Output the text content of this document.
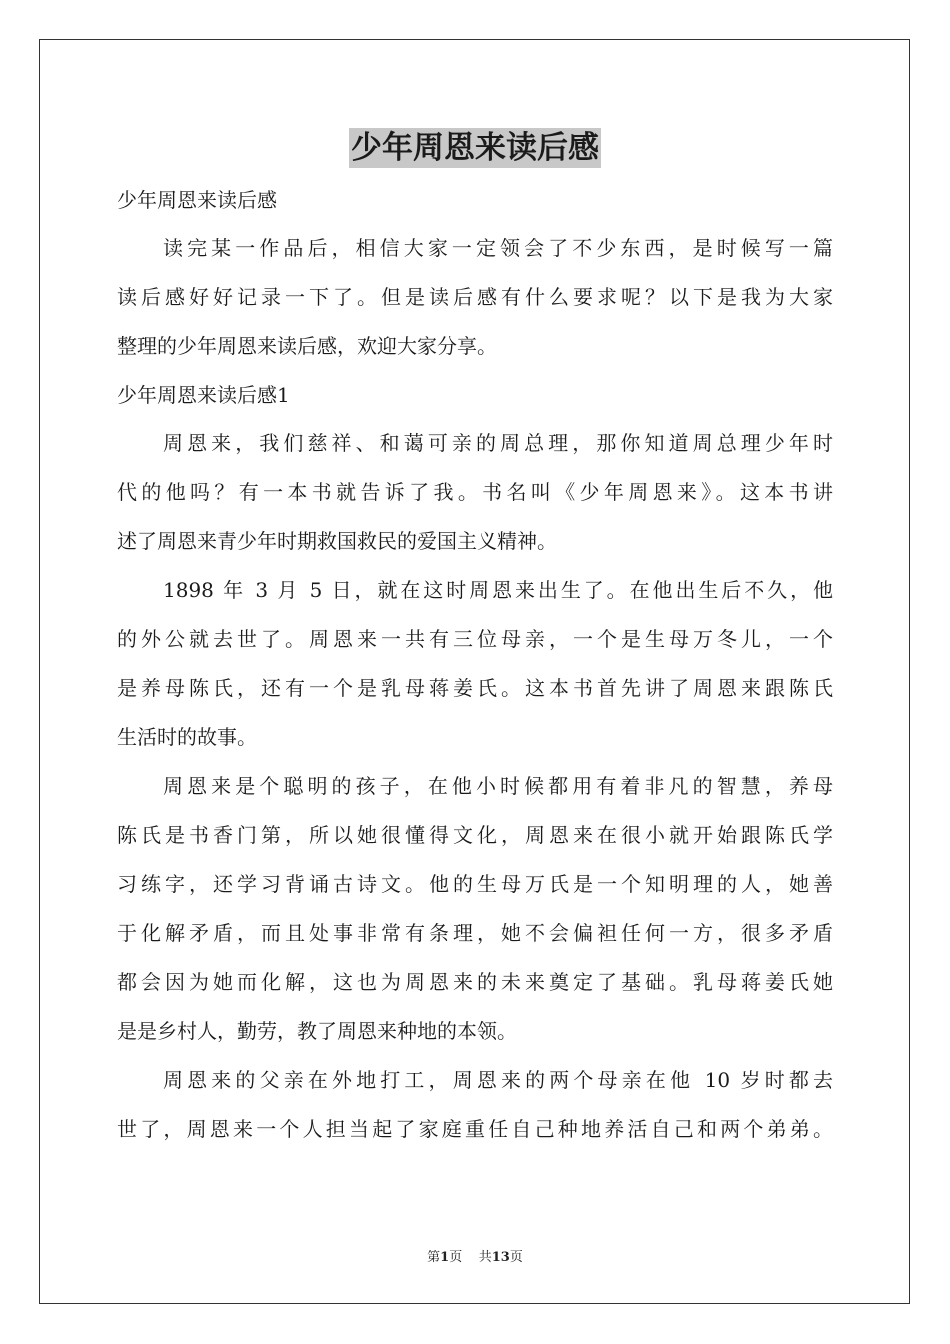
少年周恩来读后感

少年周恩来读后感

读完某一作品后，相信大家一定领会了不少东西，是时候写一篇
读后感好好记录一下了。但是读后感有什么要求呢？以下是我为大家
整理的少年周恩来读后感，欢迎大家分享。

少年周恩来读后感1

周恩来，我们慈祥、和蔼可亲的周总理，那你知道周总理少年时
代的他吗？有一本书就告诉了我。书名叫《少年周恩来》。这本书讲
述了周恩来青少年时期救国救民的爱国主义精神。

1898 年 3 月 5 日，就在这时周恩来出生了。在他出生后不久，他
的外公就去世了。周恩来一共有三位母亲，一个是生母万冬儿，一个
是养母陈氏，还有一个是乳母蒋姜氏。这本书首先讲了周恩来跟陈氏
生活时的故事。

周恩来是个聪明的孩子，在他小时候都用有着非凡的智慧，养母
陈氏是书香门第，所以她很懂得文化，周恩来在很小就开始跟陈氏学
习练字，还学习背诵古诗文。他的生母万氏是一个知明理的人，她善
于化解矛盾，而且处事非常有条理，她不会偏袒任何一方，很多矛盾
都会因为她而化解，这也为周恩来的未来奠定了基础。乳母蒋姜氏她
是是乡村人，勤劳，教了周恩来种地的本领。

周恩来的父亲在外地打工，周恩来的两个母亲在他 10 岁时都去
世了，周恩来一个人担当起了家庭重任自己种地养活自己和两个弟弟。

第1页 共13页
